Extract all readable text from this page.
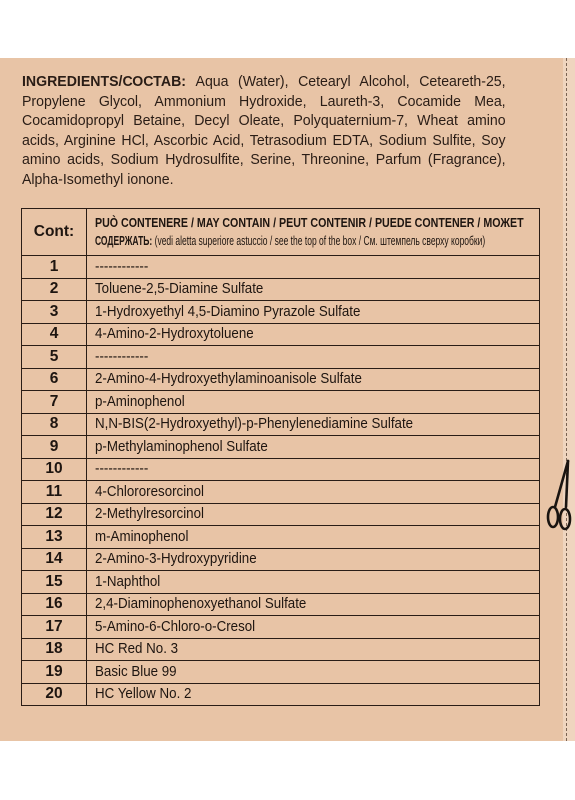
INGREDIENTS/СОСТАВ: Aqua (Water), Cetearyl Alcohol, Ceteareth-25, Propylene Glycol, Ammonium Hydroxide, Laureth-3, Cocamide Mea, Cocamidopropyl Betaine, Decyl Oleate, Polyquaternium-7, Wheat amino acids, Arginine HCl, Ascorbic Acid, Tetrasodium EDTA, Sodium Sulfite, Soy amino acids, Sodium Hydrosulfite, Serine, Threonine, Parfum (Fragrance), Alpha-Isomethyl ionone.
Cont:	PUÒ CONTENERE / MAY CONTAIN / PEUT CONTENIR / PUEDE CONTENER / МОЖЕТ
СОДЕРЖАТЬ: (vedi aletta superiore astuccio / see the top of the box / См. штемпель сверху коробки)

1	------------
2	Toluene-2,5-Diamine Sulfate
3	1-Hydroxyethyl 4,5-Diamino Pyrazole Sulfate
4	4-Amino-2-Hydroxytoluene
5	------------
6	2-Amino-4-Hydroxyethylaminoanisole Sulfate
7	p-Aminophenol
8	N,N-BIS(2-Hydroxyethyl)-p-Phenylenediamine Sulfate
9	p-Methylaminophenol Sulfate
10	------------
11	4-Chlororesorcinol
12	2-Methylresorcinol
13	m-Aminophenol
14	2-Amino-3-Hydroxypyridine
15	1-Naphthol
16	2,4-Diaminophenoxyethanol Sulfate
17	5-Amino-6-Chloro-o-Cresol
18	HC Red No. 3
19	Basic Blue 99
20	HC Yellow No. 2
